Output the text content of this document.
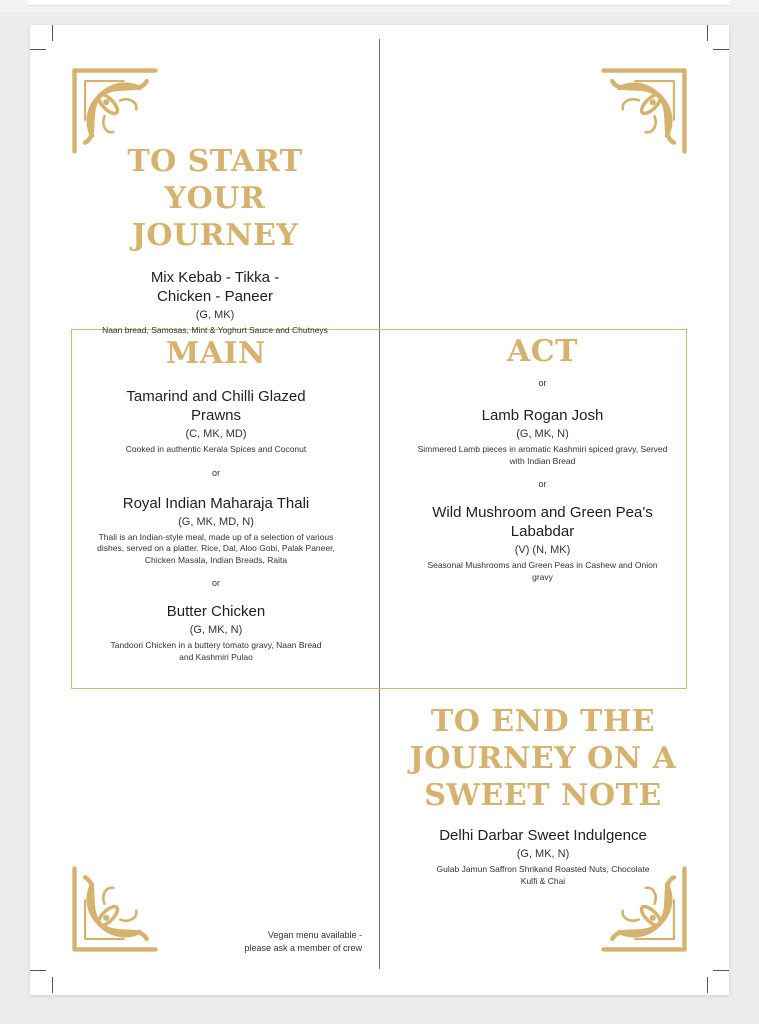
TO START
YOUR JOURNEY

Mix Kebab - Tikka -
Chicken - Paneer

(G, MK)

Naan bread, Samosas, Mint & Yoghurt Sauce and Chutneys

MAIN

Tamarind and Chilli Glazed Prawns

(C, MK, MD)

Cooked in authentic Kerala Spices and Coconut

or

Royal Indian Maharaja Thali

(G, MK, MD, N)

Thali is an Indian-style meal, made up of a selection of various dishes, served on a platter. Rice, Dal, Aloo Gobi, Palak Paneer, Chicken Masala, Indian Breads, Raita

or

Butter Chicken

(G, MK, N)

Tandoori Chicken in a buttery tomato gravy, Naan Bread and Kashmiri Pulao

ACT

or

Lamb Rogan Josh

(G, MK, N)

Simmered Lamb pieces in aromatic Kashmiri spiced gravy, Served with Indian Bread

or

Wild Mushroom and Green Pea's Lababdar

(V) (N, MK)

Seasonal Mushrooms and Green Peas in Cashew and Onion gravy

TO END THE
JOURNEY ON A
SWEET NOTE

Delhi Darbar Sweet Indulgence

(G, MK, N)

Gulab Jamun Saffron Shrikand Roasted Nuts, Chocolate Kulfi & Chai

Vegan menu available -
please ask a member of crew
